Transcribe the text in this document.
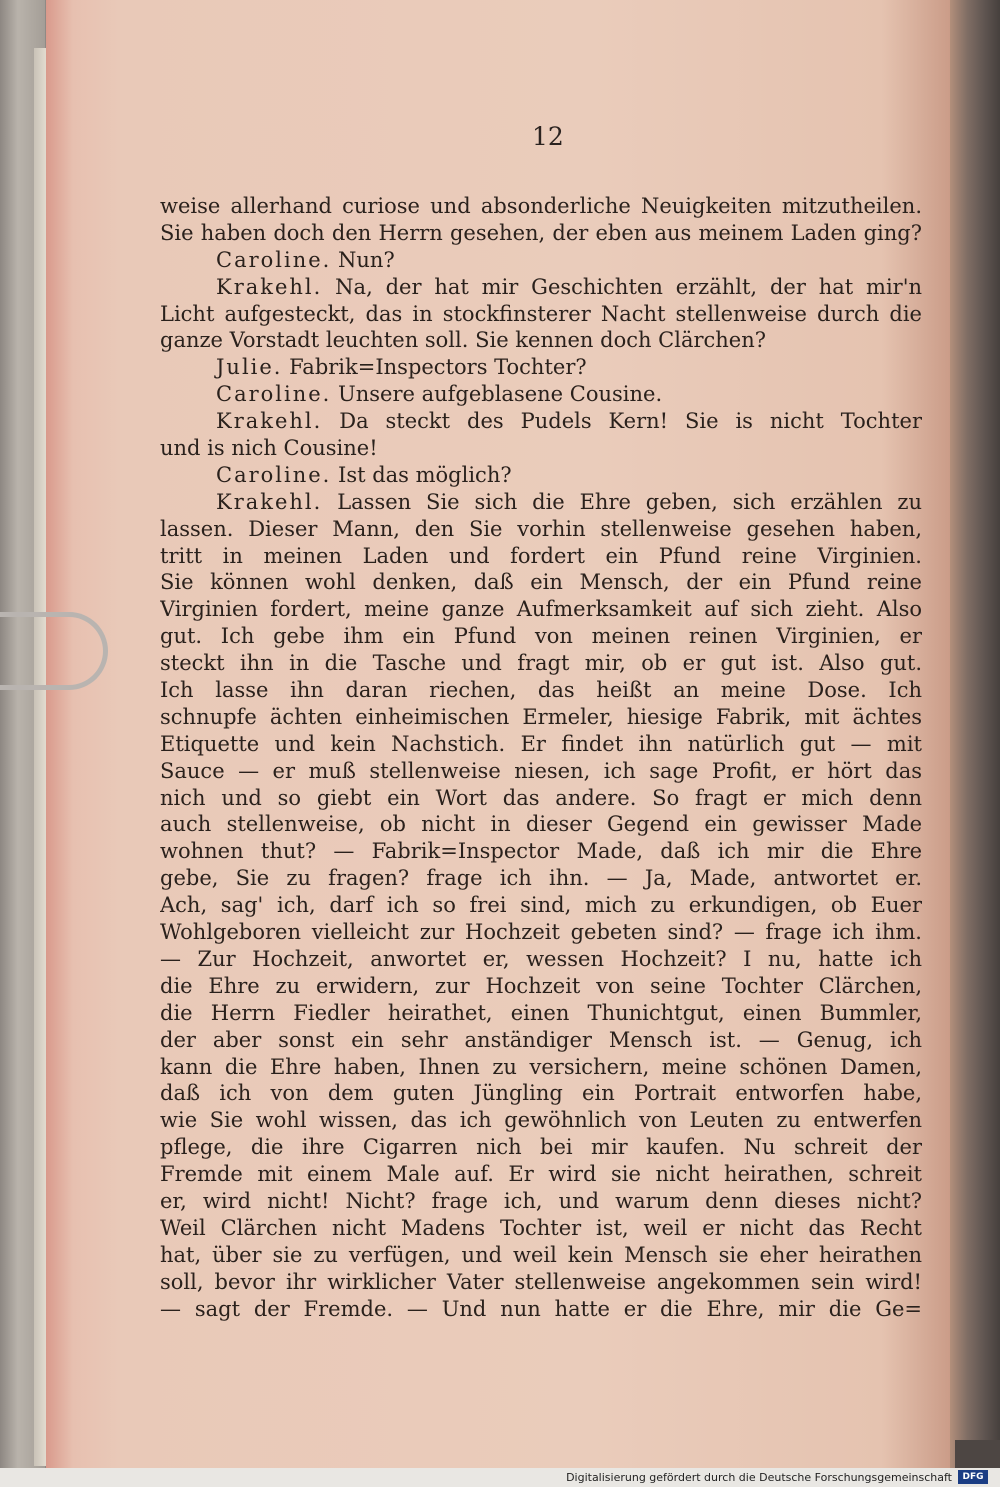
12
weise allerhand curiose und absonderliche Neuigkeiten mitzutheilen.
Sie haben doch den Herrn gesehen, der eben aus meinem Laden ging?
Caroline. Nun?
Krakehl. Na, der hat mir Geschichten erzählt, der hat mir'n
Licht aufgesteckt, das in stockfinsterer Nacht stellenweise durch die
ganze Vorstadt leuchten soll. Sie kennen doch Clärchen?
Julie. Fabrik=Inspectors Tochter?
Caroline. Unsere aufgeblasene Cousine.
Krakehl. Da steckt des Pudels Kern! Sie is nicht Tochter
und is nich Cousine!
Caroline. Ist das möglich?
Krakehl. Lassen Sie sich die Ehre geben, sich erzählen zu
lassen. Dieser Mann, den Sie vorhin stellenweise gesehen haben,
tritt in meinen Laden und fordert ein Pfund reine Virginien.
Sie können wohl denken, daß ein Mensch, der ein Pfund reine
Virginien fordert, meine ganze Aufmerksamkeit auf sich zieht. Also
gut. Ich gebe ihm ein Pfund von meinen reinen Virginien, er
steckt ihn in die Tasche und fragt mir, ob er gut ist. Also gut.
Ich lasse ihn daran riechen, das heißt an meine Dose. Ich
schnupfe ächten einheimischen Ermeler, hiesige Fabrik, mit ächtes
Etiquette und kein Nachstich. Er findet ihn natürlich gut — mit
Sauce — er muß stellenweise niesen, ich sage Profit, er hört das
nich und so giebt ein Wort das andere. So fragt er mich denn
auch stellenweise, ob nicht in dieser Gegend ein gewisser Made
wohnen thut? — Fabrik=Inspector Made, daß ich mir die Ehre
gebe, Sie zu fragen? frage ich ihn. — Ja, Made, antwortet er.
Ach, sag' ich, darf ich so frei sind, mich zu erkundigen, ob Euer
Wohlgeboren vielleicht zur Hochzeit gebeten sind? — frage ich ihm.
— Zur Hochzeit, anwortet er, wessen Hochzeit? I nu, hatte ich
die Ehre zu erwidern, zur Hochzeit von seine Tochter Clärchen,
die Herrn Fiedler heirathet, einen Thunichtgut, einen Bummler,
der aber sonst ein sehr anständiger Mensch ist. — Genug, ich
kann die Ehre haben, Ihnen zu versichern, meine schönen Damen,
daß ich von dem guten Jüngling ein Portrait entworfen habe,
wie Sie wohl wissen, das ich gewöhnlich von Leuten zu entwerfen
pflege, die ihre Cigarren nich bei mir kaufen. Nu schreit der
Fremde mit einem Male auf. Er wird sie nicht heirathen, schreit
er, wird nicht! Nicht? frage ich, und warum denn dieses nicht?
Weil Clärchen nicht Madens Tochter ist, weil er nicht das Recht
hat, über sie zu verfügen, und weil kein Mensch sie eher heirathen
soll, bevor ihr wirklicher Vater stellenweise angekommen sein wird!
— sagt der Fremde. — Und nun hatte er die Ehre, mir die Ge=
Digitalisierung gefördert durch die Deutsche Forschungsgemeinschaft	DFG
